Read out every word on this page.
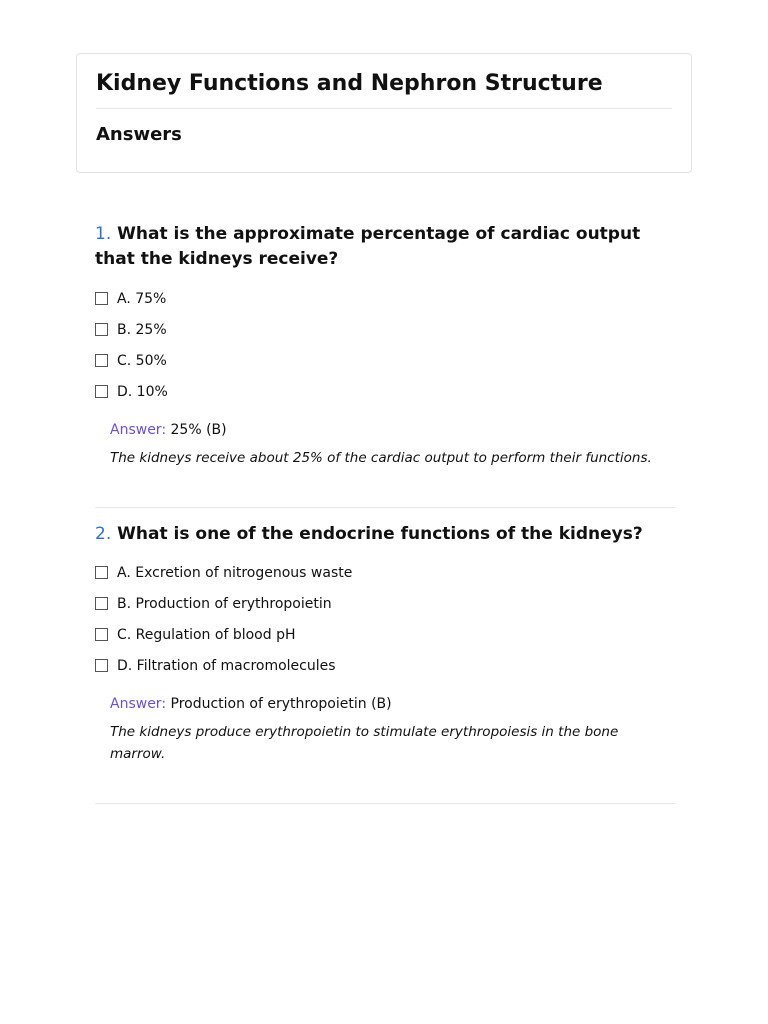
Kidney Functions and Nephron Structure
Answers

1. What is the approximate percentage of cardiac output that the kidneys receive?

A. 75%
B. 25%
C. 50%
D. 10%

Answer: 25% (B)

The kidneys receive about 25% of the cardiac output to perform their functions.

2. What is one of the endocrine functions of the kidneys?

A. Excretion of nitrogenous waste
B. Production of erythropoietin
C. Regulation of blood pH
D. Filtration of macromolecules

Answer: Production of erythropoietin (B)

The kidneys produce erythropoietin to stimulate erythropoiesis in the bone marrow.
